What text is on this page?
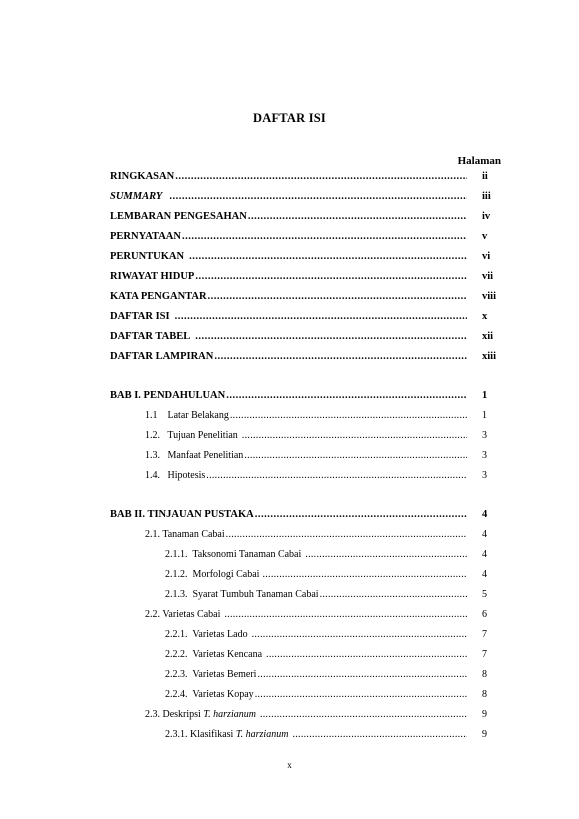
DAFTAR ISI
Halaman
RINGKASAN .....	ii
SUMMARY .....	iii
LEMBARAN PENGESAHAN .....	iv
PERNYATAAN .....	v
PERUNTUKAN .....	vi
RIWAYAT HIDUP .....	vii
KATA PENGANTAR .....	viii
DAFTAR ISI .....	x
DAFTAR TABEL .....	xii
DAFTAR LAMPIRAN .....	xiii
BAB I. PENDAHULUAN .....	1
1.1    Latar Belakang .....	1
1.2.   Tujuan Penelitian .....	3
1.3.   Manfaat Penelitian .....	3
1.4.   Hipotesis .....	3
BAB II. TINJAUAN PUSTAKA .....	4
2.1. Tanaman Cabai .....	4
2.1.1.  Taksonomi Tanaman Cabai .....	4
2.1.2.  Morfologi Cabai .....	4
2.1.3.  Syarat Tumbuh Tanaman Cabai .....	5
2.2. Varietas Cabai .....	6
2.2.1.  Varietas Lado .....	7
2.2.2.  Varietas Kencana .....	7
2.2.3.  Varietas Bemeri .....	8
2.2.4.  Varietas Kopay .....	8
2.3. Deskripsi T. harzianum .....	9
2.3.1. Klasifikasi T. harzianum .....	9
x
